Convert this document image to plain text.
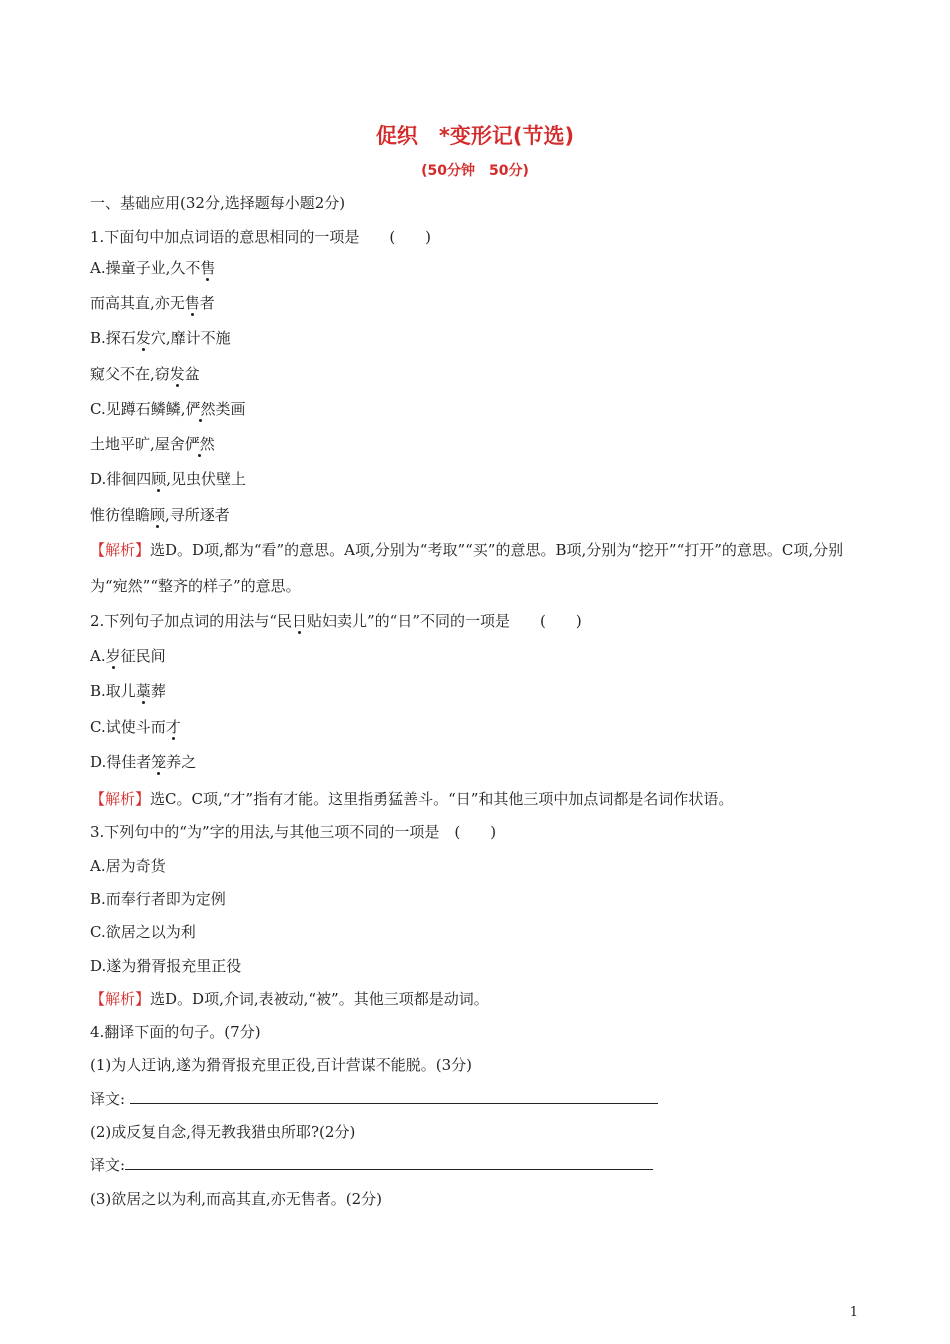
促织　*变形记(节选)
(50分钟　50分)
一、基础应用(32分,选择题每小题2分)
1.下面句中加点词语的意思相同的一项是　　(　　)
A.操童子业,久不售
而高其直,亦无售者
B.探石发穴,靡计不施
窥父不在,窃发盆
C.见蹲石鳞鳞,俨然类画
土地平旷,屋舍俨然
D.徘徊四顾,见虫伏壁上
惟彷徨瞻顾,寻所逐者
【解析】选D。D项,都为“看”的意思。A项,分别为“考取”“买”的意思。B项,分别为“挖开”“打开”的意思。C项,分别为“宛然”“整齐的样子”的意思。
2.下列句子加点词的用法与“民日贴妇卖儿”的“日”不同的一项是　　(　　)
A.岁征民间
B.取儿藁葬
C.试使斗而才
D.得佳者笼养之
【解析】选C。C项,“才”指有才能。这里指勇猛善斗。“日”和其他三项中加点词都是名词作状语。
3.下列句中的“为”字的用法,与其他三项不同的一项是　(　　)
A.居为奇货
B.而奉行者即为定例
C.欲居之以为利
D.遂为猾胥报充里正役
【解析】选D。D项,介词,表被动,“被”。其他三项都是动词。
4.翻译下面的句子。(7分)
(1)为人迂讷,遂为猾胥报充里正役,百计营谋不能脱。(3分)
译文:
(2)成反复自念,得无教我猎虫所耶?(2分)
译文:
(3)欲居之以为利,而高其直,亦无售者。(2分)
1
